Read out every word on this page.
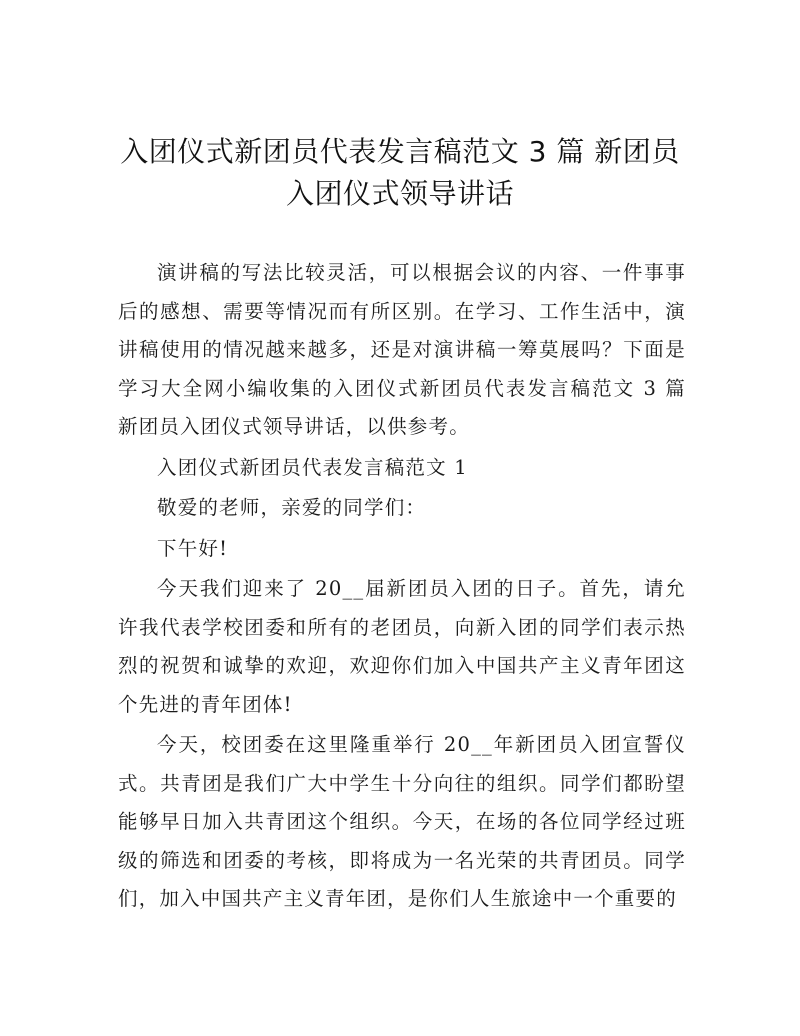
入团仪式新团员代表发言稿范文 3 篇 新团员
入团仪式领导讲话

演讲稿的写法比较灵活，可以根据会议的内容、一件事事后的感想、需要等情况而有所区别。在学习、工作生活中，演讲稿使用的情况越来越多，还是对演讲稿一筹莫展吗？下面是学习大全网小编收集的入团仪式新团员代表发言稿范文 3 篇 新团员入团仪式领导讲话，以供参考。

入团仪式新团员代表发言稿范文 1

敬爱的老师，亲爱的同学们：

下午好!

今天我们迎来了 20__届新团员入团的日子。首先，请允许我代表学校团委和所有的老团员，向新入团的同学们表示热烈的祝贺和诚挚的欢迎，欢迎你们加入中国共产主义青年团这个先进的青年团体!

今天，校团委在这里隆重举行 20__年新团员入团宣誓仪式。共青团是我们广大中学生十分向往的组织。同学们都盼望能够早日加入共青团这个组织。今天，在场的各位同学经过班级的筛选和团委的考核，即将成为一名光荣的共青团员。同学们，加入中国共产主义青年团，是你们人生旅途中一个重要的
